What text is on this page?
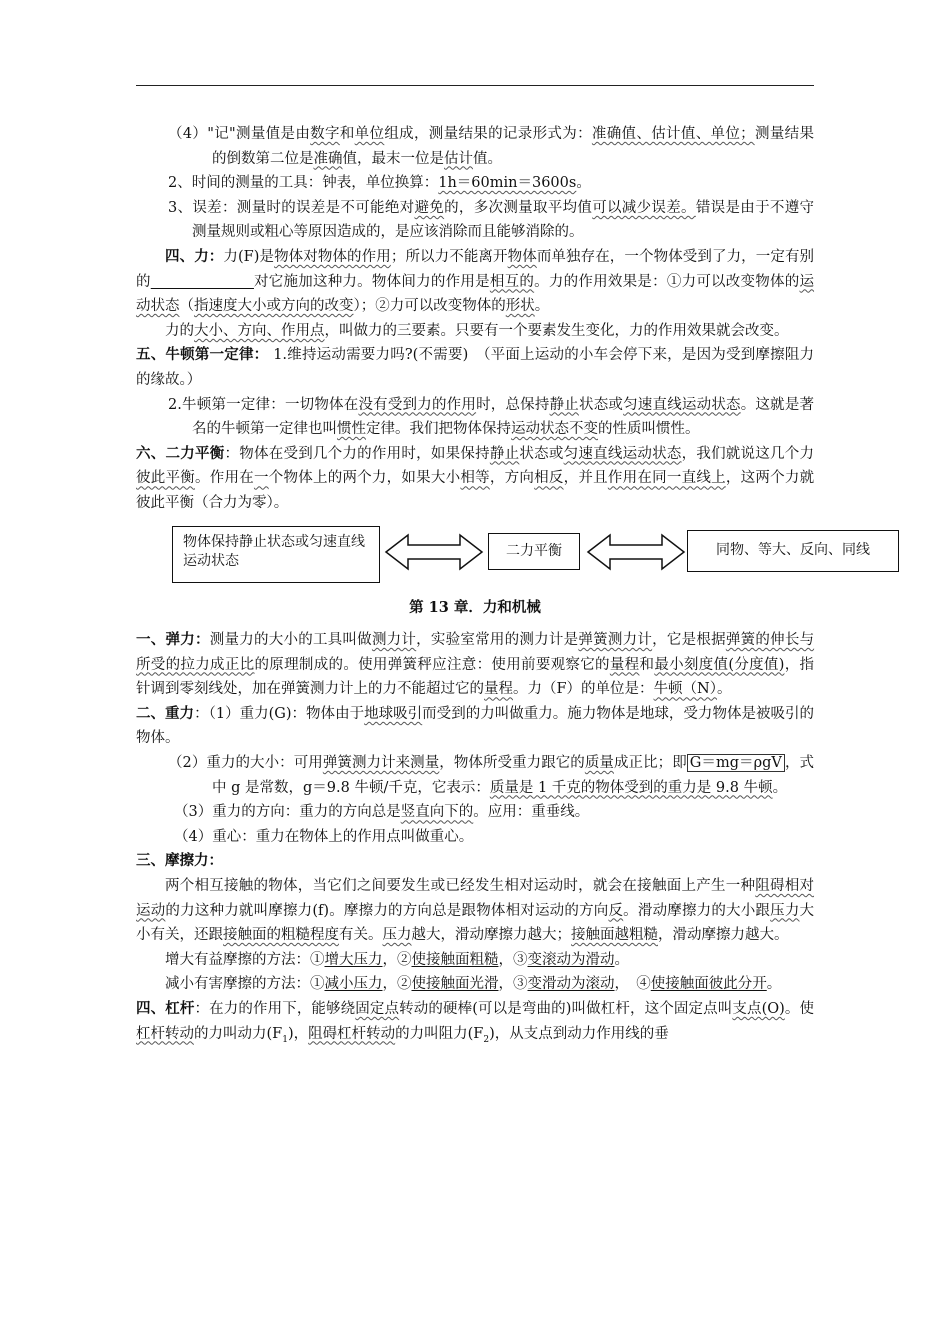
（4）"记"测量值是由数字和单位组成，测量结果的记录形式为：准确值、估计值、单位；测量结果的倒数第二位是准确值，最末一位是估计值。

2、时间的测量的工具：钟表，单位换算：1h＝60min＝3600s。

3、误差：测量时的误差是不可能绝对避免的，多次测量取平均值可以减少误差。错误是由于不遵守测量规则或粗心等原因造成的，是应该消除而且能够消除的。

四、力：力(F)是物体对物体的作用；所以力不能离开物体而单独存在，一个物体受到了力，一定有别的　　　　　　　	对它施加这种力。物体间力的作用是相互的。力的作用效果是：①力可以改变物体的运动状态（指速度大小或方向的改变）；②力可以改变物体的形状。

力的大小、方向、作用点，叫做力的三要素。只要有一个要素发生变化，力的作用效果就会改变。

五、牛顿第一定律： 1.维持运动需要力吗?(不需要)　（平面上运动的小车会停下来，是因为受到摩擦阻力的缘故。）

2.牛顿第一定律：一切物体在没有受到力的作用时，总保持静止状态或匀速直线运动状态。这就是著名的牛顿第一定律也叫惯性定律。我们把物体保持运动状态不变的性质叫惯性。

六、二力平衡：物体在受到几个力的作用时，如果保持静止状态或匀速直线运动状态，我们就说这几个力彼此平衡。作用在一个物体上的两个力，如果大小相等，方向相反，并且作用在同一直线上，这两个力就彼此平衡（合力为零）。

物体保持静止状态或匀速直线运动状态
二力平衡	同物、等大、反向、同线

第 13 章．力和机械

一、弹力：测量力的大小的工具叫做测力计，实验室常用的测力计是弹簧测力计，它是根据弹簧的伸长与所受的拉力成正比的原理制成的。使用弹簧秤应注意：使用前要观察它的量程和最小刻度值(分度值)，指针调到零刻线处，加在弹簧测力计上的力不能超过它的量程。力（F）的单位是：牛顿（N）。

二、重力：（1）重力(G)：物体由于地球吸引而受到的力叫做重力。施力物体是地球，受力物体是被吸引的物体。

（2）重力的大小：可用弹簧测力计来测量，物体所受重力跟它的质量成正比；即 G＝mg＝ρgV ，式中 g 是常数，g＝9.8 牛顿/千克，它表示：质量是 1 千克的物体受到的重力是 9.8 牛顿。

（3）重力的方向：重力的方向总是竖直向下的。应用：重垂线。

（4）重心：重力在物体上的作用点叫做重心。

三、摩擦力：

两个相互接触的物体，当它们之间要发生或已经发生相对运动时，就会在接触面上产生一种阻碍相对运动的力这种力就叫摩擦力(f)。摩擦力的方向总是跟物体相对运动的方向反。滑动摩擦力的大小跟压力大小有关，还跟接触面的粗糙程度有关。压力越大，滑动摩擦力越大；接触面越粗糙，滑动摩擦力越大。

增大有益摩擦的方法：①增大压力，②使接触面粗糙，③变滚动为滑动。

减小有害摩擦的方法：①减小压力，②使接触面光滑，③变滑动为滚动，　④使接触面彼此分开。

四、杠杆：在力的作用下，能够绕固定点转动的硬棒(可以是弯曲的)叫做杠杆，这个固定点叫支点(O)。使杠杆转动的力叫动力$(F_1)$，阻碍杠杆转动的力叫阻力$(F_2)$，从支点到动力作用线的垂
